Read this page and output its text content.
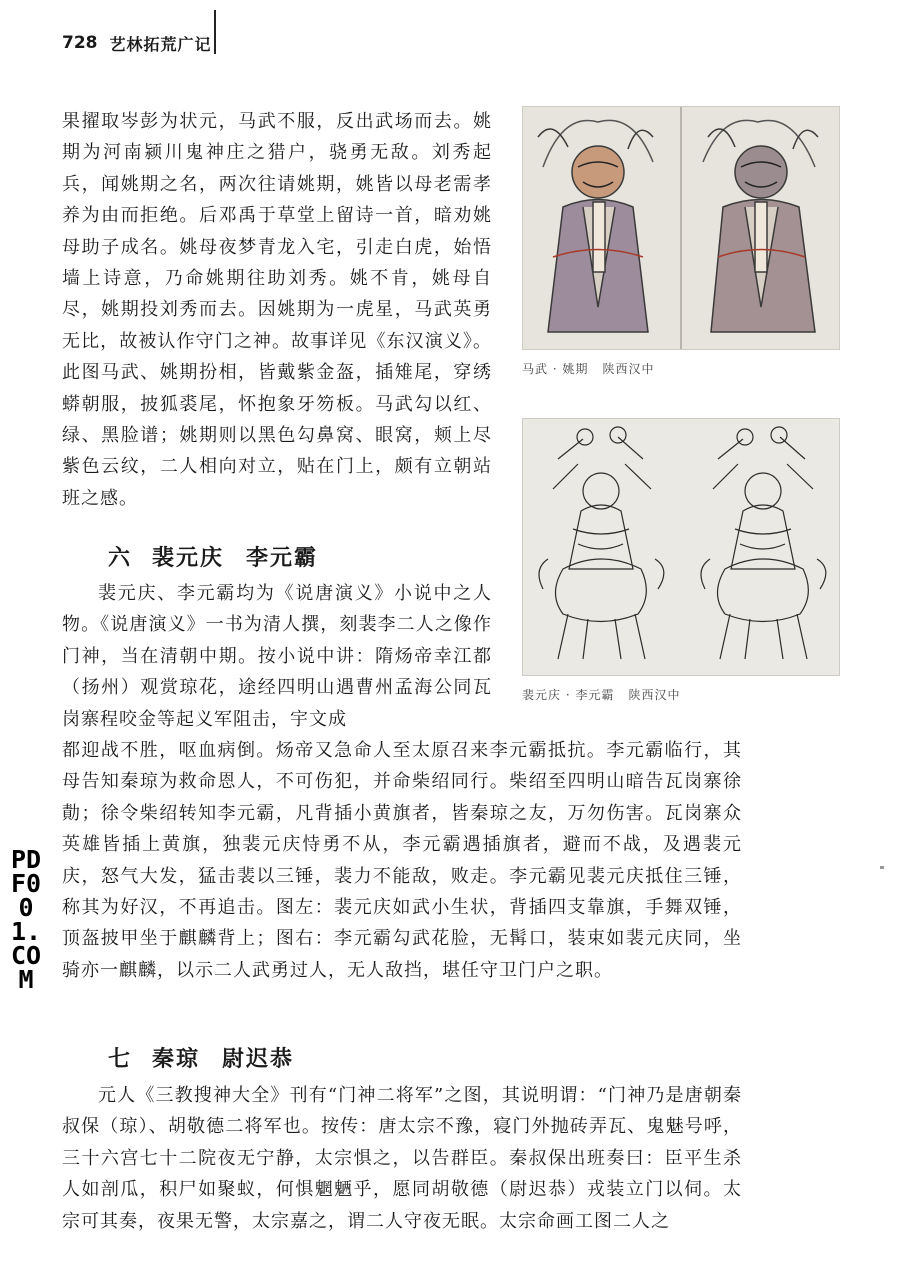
728 艺林拓荒广记

果擢取岑彭为状元，马武不服，反出武场而去。姚期为河南颍川鬼神庄之猎户，骁勇无敌。刘秀起兵，闻姚期之名，两次往请姚期，姚皆以母老需孝养为由而拒绝。后邓禹于草堂上留诗一首，暗劝姚母助子成名。姚母夜梦青龙入宅，引走白虎，始悟墙上诗意，乃命姚期往助刘秀。姚不肯，姚母自尽，姚期投刘秀而去。因姚期为一虎星，马武英勇无比，故被认作守门之神。故事详见《东汉演义》。此图马武、姚期扮相，皆戴紫金盔，插雉尾，穿绣蟒朝服，披狐裘尾，怀抱象牙笏板。马武勾以红、绿、黑脸谱；姚期则以黑色勾鼻窝、眼窝，颊上尽紫色云纹，二人相向对立，贴在门上，颇有立朝站班之感。

六 裴元庆 李元霸

裴元庆、李元霸均为《说唐演义》小说中之人物。《说唐演义》一书为清人撰，刻裴李二人之像作门神，当在清朝中期。按小说中讲：隋炀帝幸江都（扬州）观赏琼花，途经四明山遇曹州孟海公同瓦岗寨程咬金等起义军阻击，宇文成

都迎战不胜，呕血病倒。炀帝又急命人至太原召来李元霸抵抗。李元霸临行，其母告知秦琼为救命恩人，不可伤犯，并命柴绍同行。柴绍至四明山暗告瓦岗寨徐勣；徐令柴绍转知李元霸，凡背插小黄旗者，皆秦琼之友，万勿伤害。瓦岗寨众英雄皆插上黄旗，独裴元庆恃勇不从，李元霸遇插旗者，避而不战，及遇裴元庆，怒气大发，猛击裴以三锤，裴力不能敌，败走。李元霸见裴元庆抵住三锤，称其为好汉，不再追击。图左：裴元庆如武小生状，背插四支靠旗，手舞双锤，顶盔披甲坐于麒麟背上；图右：李元霸勾武花脸，无髯口，装束如裴元庆同，坐骑亦一麒麟，以示二人武勇过人，无人敌挡，堪任守卫门户之职。

七 秦琼 尉迟恭

元人《三教搜神大全》刊有“门神二将军”之图，其说明谓：“门神乃是唐朝秦叔保（琼）、胡敬德二将军也。按传：唐太宗不豫，寝门外抛砖弄瓦、鬼魅号呼，三十六宫七十二院夜无宁静，太宗惧之，以告群臣。秦叔保出班奏曰：臣平生杀人如剖瓜，积尸如聚蚁，何惧魍魉乎，愿同胡敬德（尉迟恭）戎装立门以伺。太宗可其奏，夜果无警，太宗嘉之，谓二人守夜无眠。太宗命画工图二人之

马武 · 姚期 陕西汉中
裴元庆 · 李元霸 陕西汉中
PDF001.COM
